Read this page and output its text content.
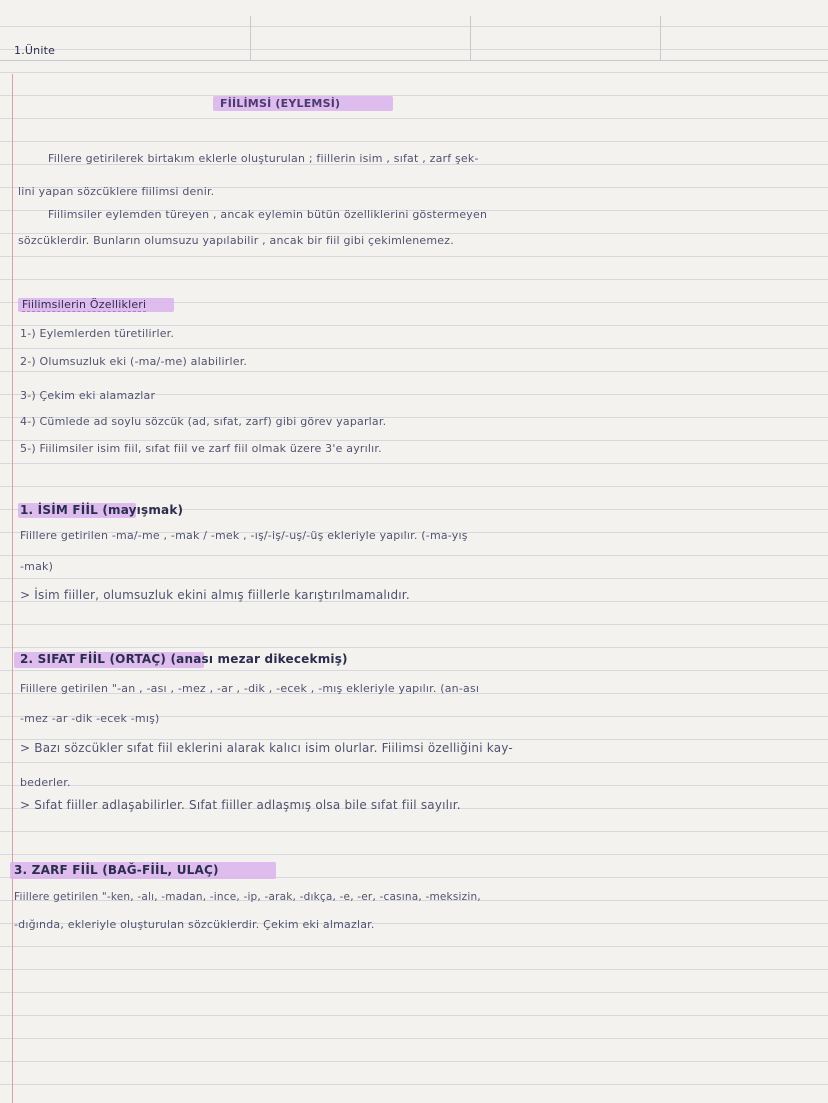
1.Ünite
FİİLİMSİ (EYLEMSİ)
Fillere getirilerek birtakım eklerle oluşturulan ; fiillerin isim , sıfat , zarf şek-
lini yapan sözcüklere fiilimsi denir.
Fiilimsiler eylemden türeyen , ancak eylemin bütün özelliklerini göstermeyen
sözcüklerdir. Bunların olumsuzu yapılabilir , ancak bir fiil gibi çekimlenemez.
Fiilimsilerin Özellikleri
1-) Eylemlerden türetilirler.
2-) Olumsuzluk eki (-ma/-me) alabilirler.
3-) Çekim eki alamazlar
4-) Cümlede ad soylu sözcük (ad, sıfat, zarf) gibi görev yaparlar.
5-) Fiilimsiler isim fiil, sıfat fiil ve zarf fiil olmak üzere 3'e ayrılır.
1. İSİM FİİL (mayışmak)
Fiillere getirilen -ma/-me , -mak / -mek , -ış/-iş/-uş/-üş ekleriyle yapılır. (-ma-yış
-mak)
> İsim fiiller, olumsuzluk ekini almış fiillerle karıştırılmamalıdır.
2. SIFAT FİİL (ORTAÇ) (anası mezar dikecekmiş)
Fiillere getirilen "-an , -ası , -mez , -ar , -dik , -ecek , -mış ekleriyle yapılır. (an-ası
-mez -ar -dik -ecek -mış)
> Bazı sözcükler sıfat fiil eklerini alarak kalıcı isim olurlar. Fiilimsi özelliğini kay-
bederler.
> Sıfat fiiller adlaşabilirler. Sıfat fiiller adlaşmış olsa bile sıfat fiil sayılır.
3. ZARF FİİL (BAĞ-FİİL, ULAÇ)
Fiillere getirilen "-ken, -alı, -madan, -ince, -ip, -arak, -dıkça, -e, -er, -casına, -meksizin,
-dığında, ekleriyle oluşturulan sözcüklerdir. Çekim eki almazlar.
